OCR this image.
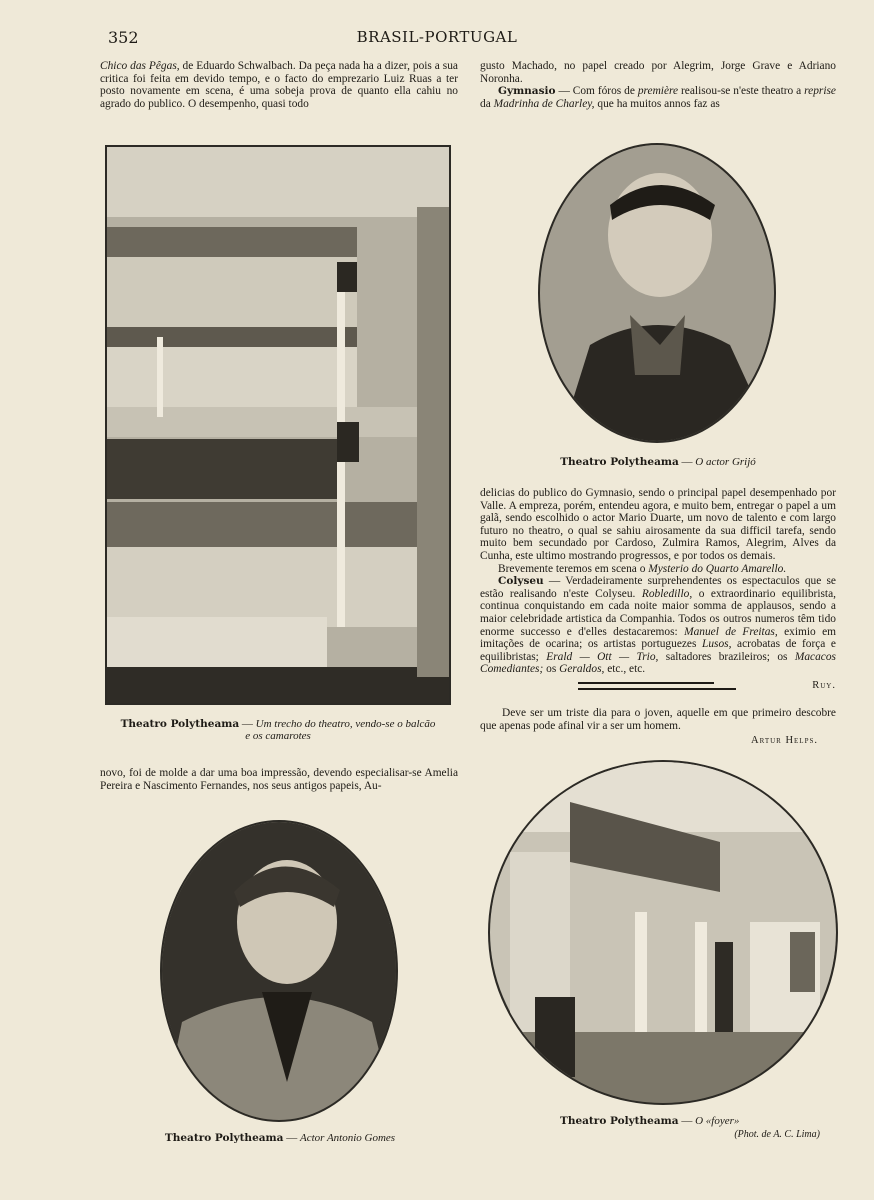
352	BRASIL-PORTUGAL

Chico das Pêgas, de Eduardo Schwalbach. Da peça nada ha a dizer, pois a sua critica foi feita em devido tempo, e o facto do emprezario Luiz Ruas a ter posto novamente em scena, é uma sobeja prova de quanto ella cahiu no agrado do publico. O desempenho, quasi todo

gusto Machado, no papel creado por Alegrim, Jorge Grave e Adriano Noronha.

Gymnasio — Com fóros de première realisou-se n'este theatro a reprise da Madrinha de Charley, que ha muitos annos faz as

Theatro Polytheama — Um trecho do theatro, vendo-se o balcão
e os camarotes
Theatro Polytheama — O actor Grijó

delicias do publico do Gymnasio, sendo o principal papel desempenhado por Valle. A empreza, porém, entendeu agora, e muito bem, entregar o papel a um galã, sendo escolhido o actor Mario Duarte, um novo de talento e com largo futuro no theatro, o qual se sahiu airosamente da sua difficil tarefa, sendo muito bem secundado por Cardoso, Zulmira Ramos, Alegrim, Alves da Cunha, este ultimo mostrando progressos, e por todos os demais.

Brevemente teremos em scena o Mysterio do Quarto Amarello.

Colyseu — Verdadeiramente surprehendentes os espectaculos que se estão realisando n'este Colyseu. Robledillo, o extraordinario equilibrista, continua conquistando em cada noite maior somma de applausos, sendo a maior celebridade artistica da Companhia. Todos os outros numeros têm tido enorme successo e d'elles destacaremos: Manuel de Freitas, eximio em imitações de ocarina; os artistas portuguezes Lusos, acrobatas de força e equilibristas; Erald — Ott — Trio, saltadores brazileiros; os Macacos Comediantes; os Geraldos, etc., etc.

Ruy.

Deve ser um triste dia para o joven, aquelle em que primeiro descobre que apenas pode afinal vir a ser um homem.

Artur Helps.

novo, foi de molde a dar uma boa impressão, devendo especialisar-se Amelia Pereira e Nascimento Fernandes, nos seus antigos papeis, Au-

Theatro Polytheama — Actor Antonio Gomes
Theatro Polytheama — O «foyer»
(Phot. de A. C. Lima)
